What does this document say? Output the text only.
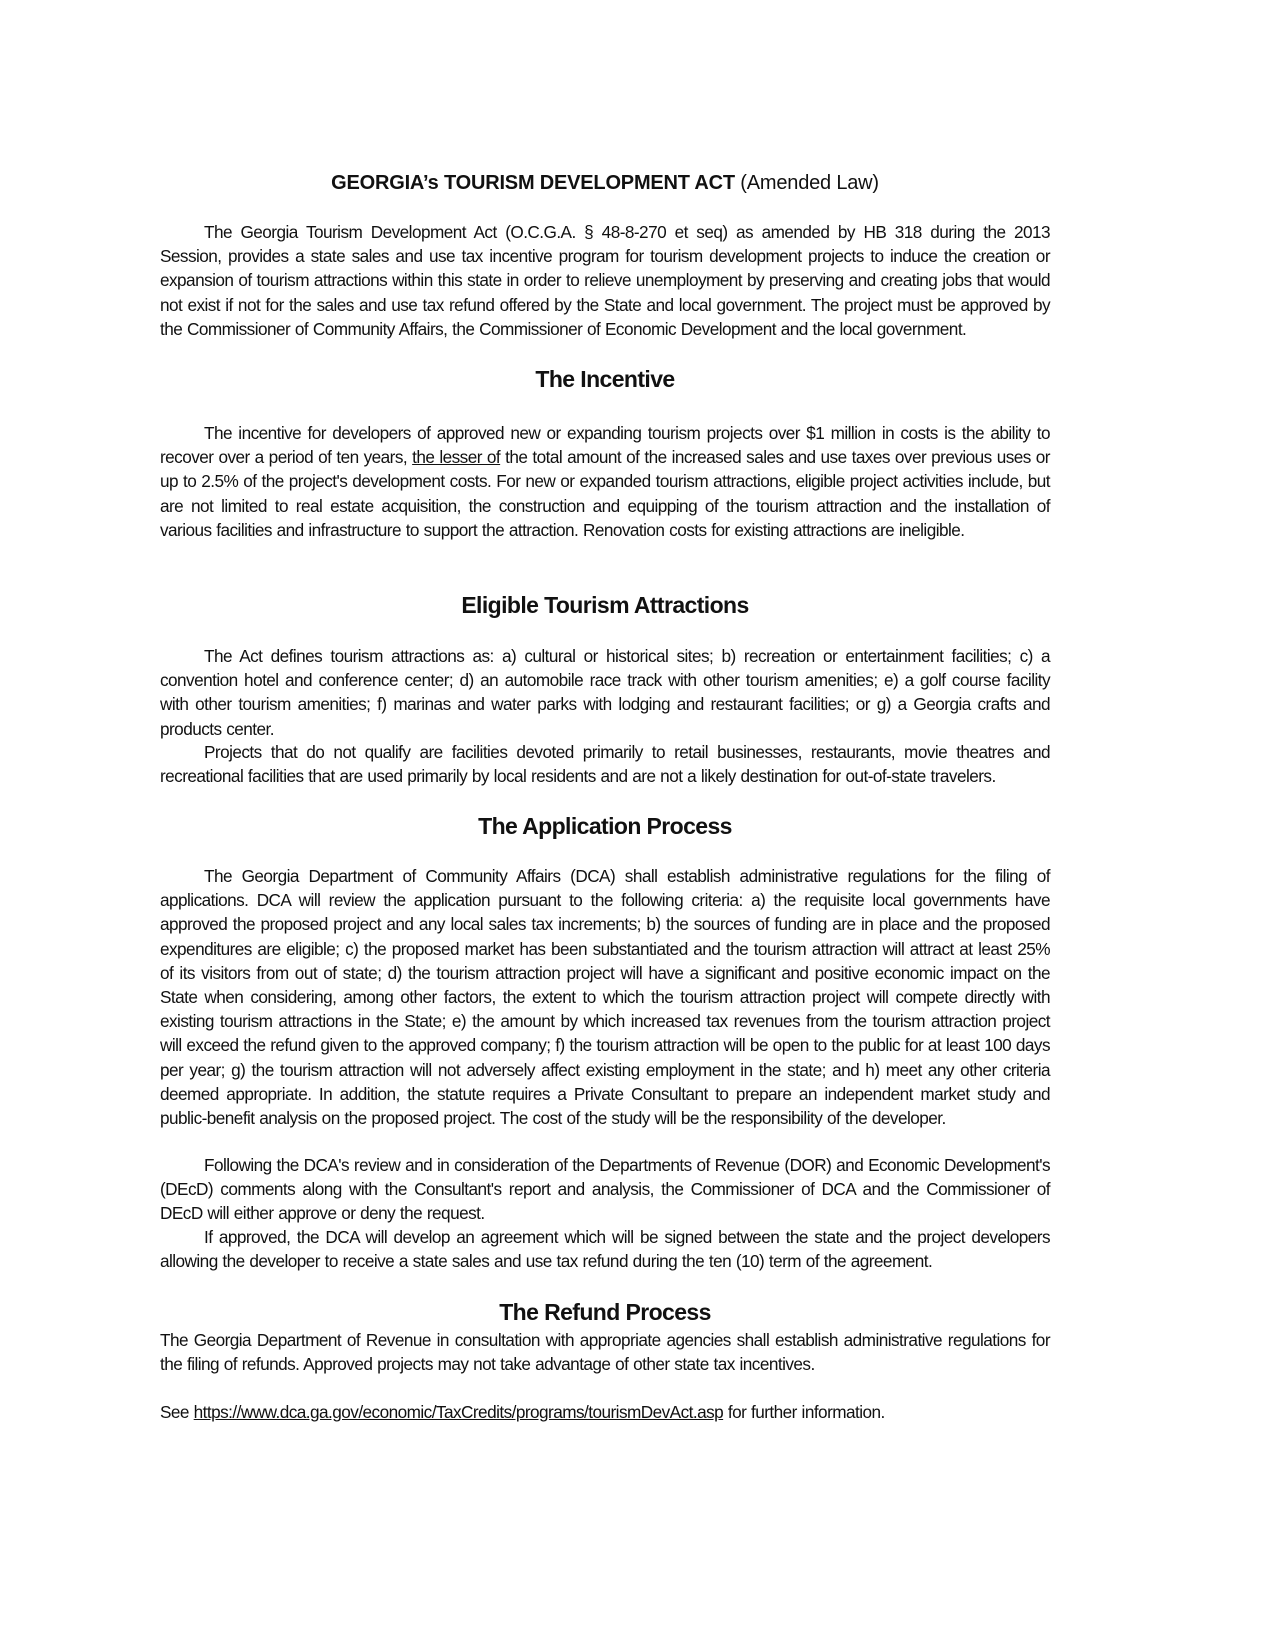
GEORGIA’s TOURISM DEVELOPMENT ACT (Amended Law)

The Georgia Tourism Development Act (O.C.G.A. § 48-8-270 et seq) as amended by HB 318 during the 2013 Session, provides a state sales and use tax incentive program for tourism development projects to induce the creation or expansion of tourism attractions within this state in order to relieve unemployment by preserving and creating jobs that would not exist if not for the sales and use tax refund offered by the State and local government. The project must be approved by the Commissioner of Community Affairs, the Commissioner of Economic Development and the local government.

The Incentive

The incentive for developers of approved new or expanding tourism projects over $1 million in costs is the ability to recover over a period of ten years, the lesser of the total amount of the increased sales and use taxes over previous uses or up to 2.5% of the project's development costs. For new or expanded tourism attractions, eligible project activities include, but are not limited to real estate acquisition, the construction and equipping of the tourism attraction and the installation of various facilities and infrastructure to support the attraction. Renovation costs for existing attractions are ineligible.

Eligible Tourism Attractions

The Act defines tourism attractions as: a) cultural or historical sites; b) recreation or entertainment facilities; c) a convention hotel and conference center; d) an automobile race track with other tourism amenities; e) a golf course facility with other tourism amenities; f) marinas and water parks with lodging and restaurant facilities; or g) a Georgia crafts and products center.

Projects that do not qualify are facilities devoted primarily to retail businesses, restaurants, movie theatres and recreational facilities that are used primarily by local residents and are not a likely destination for out-of-state travelers.

The Application Process

The Georgia Department of Community Affairs (DCA) shall establish administrative regulations for the filing of applications. DCA will review the application pursuant to the following criteria: a) the requisite local governments have approved the proposed project and any local sales tax increments; b) the sources of funding are in place and the proposed expenditures are eligible; c) the proposed market has been substantiated and the tourism attraction will attract at least 25% of its visitors from out of state; d) the tourism attraction project will have a significant and positive economic impact on the State when considering, among other factors, the extent to which the tourism attraction project will compete directly with existing tourism attractions in the State; e) the amount by which increased tax revenues from the tourism attraction project will exceed the refund given to the approved company; f) the tourism attraction will be open to the public for at least 100 days per year; g) the tourism attraction will not adversely affect existing employment in the state; and h) meet any other criteria deemed appropriate. In addition, the statute requires a Private Consultant to prepare an independent market study and public-benefit analysis on the proposed project. The cost of the study will be the responsibility of the developer.

Following the DCA's review and in consideration of the Departments of Revenue (DOR) and Economic Development's (DEcD) comments along with the Consultant's report and analysis, the Commissioner of DCA and the Commissioner of DEcD will either approve or deny the request.

If approved, the DCA will develop an agreement which will be signed between the state and the project developers allowing the developer to receive a state sales and use tax refund during the ten (10) term of the agreement.

The Refund Process

The Georgia Department of Revenue in consultation with appropriate agencies shall establish administrative regulations for the filing of refunds. Approved projects may not take advantage of other state tax incentives.

See https://www.dca.ga.gov/economic/TaxCredits/programs/tourismDevAct.asp for further information.
